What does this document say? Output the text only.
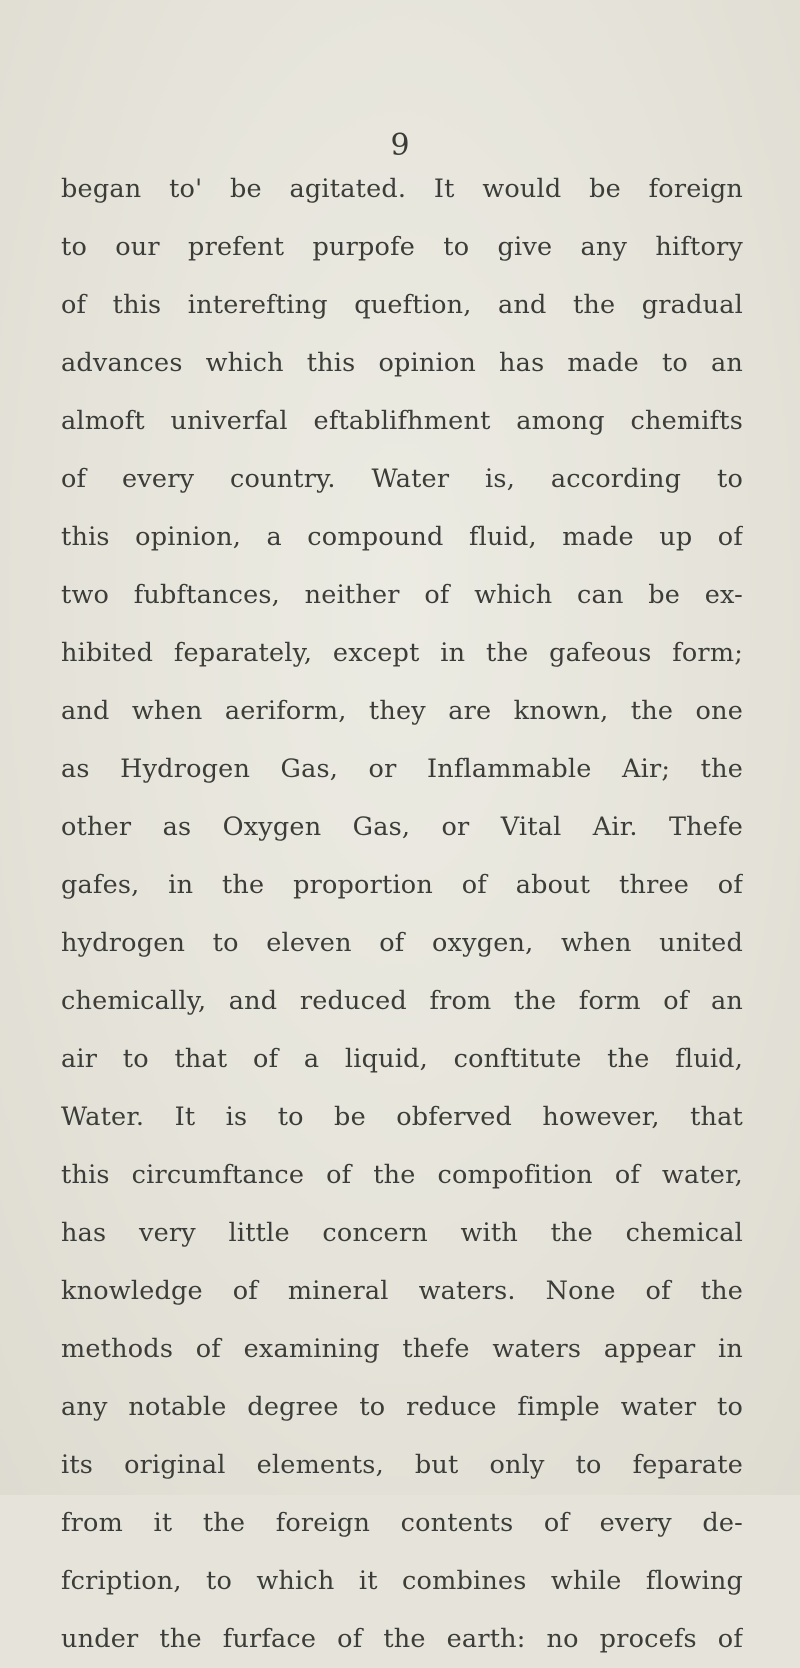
9
began to' be agitated. It would be foreign
to our prefent purpofe to give any hiftory
of this interefting queftion, and the gradual
advances which this opinion has made to an
almoft univerfal eftablifhment among chemifts
of every country. Water is, according to
this opinion, a compound fluid, made up of
two fubftances, neither of which can be ex-
hibited feparately, except in the gafeous form;
and when aeriform, they are known, the one
as Hydrogen Gas, or Inflammable Air; the
other as Oxygen Gas, or Vital Air. Thefe
gafes, in the proportion of about three of
hydrogen to eleven of oxygen, when united
chemically, and reduced from the form of an
air to that of a liquid, conftitute the fluid,
Water. It is to be obferved however, that
this circumftance of the compofition of water,
has very little concern with the chemical
knowledge of mineral waters. None of the
methods of examining thefe waters appear in
any notable degree to reduce fimple water to
its original elements, but only to feparate
from it the foreign contents of every de-
fcription, to which it combines while flowing
under the furface of the earth: no procefs of
